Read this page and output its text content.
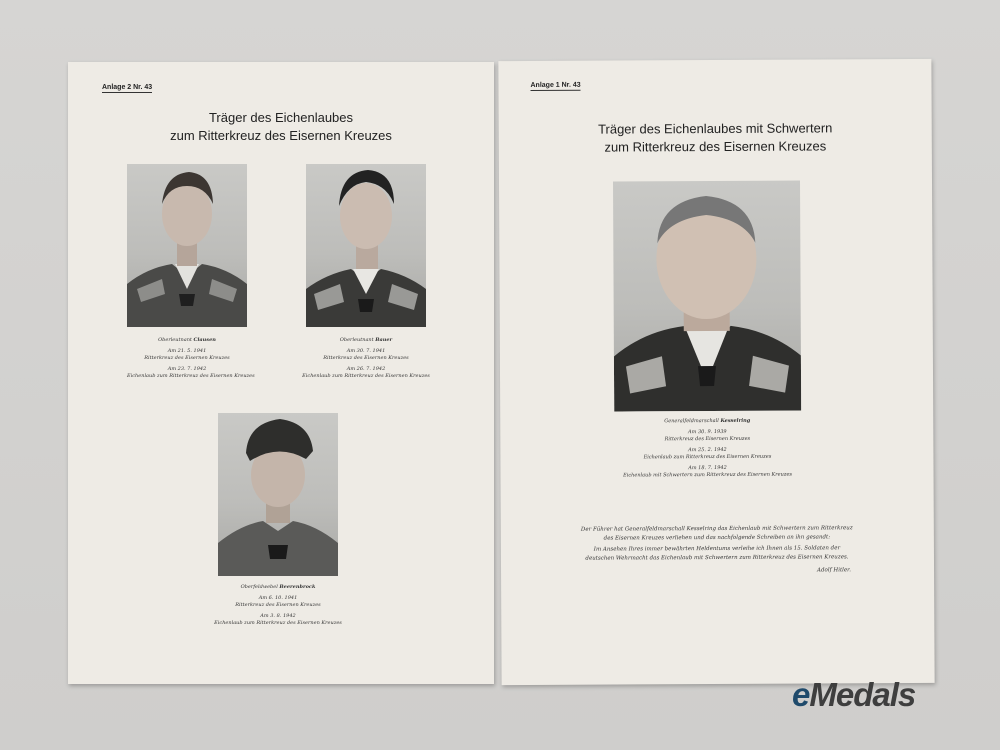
Anlage 2 Nr. 43
Träger des Eichenlaubes
zum Ritterkreuz des Eisernen Kreuzes
Oberleutnant Clausen
Am 21. 5. 1941
Ritterkreuz des Eisernen Kreuzes
Am 23. 7. 1942
Eichenlaub zum Ritterkreuz des Eisernen Kreuzes
Oberleutnant Bauer
Am 30. 7. 1941
Ritterkreuz des Eisernen Kreuzes
Am 26. 7. 1942
Eichenlaub zum Ritterkreuz des Eisernen Kreuzes
Oberfeldwebel Beerenbrock
Am 6. 10. 1941
Ritterkreuz des Eisernen Kreuzes
Am 3. 8. 1942
Eichenlaub zum Ritterkreuz des Eisernen Kreuzes
Anlage 1 Nr. 43
Träger des Eichenlaubes mit Schwertern
zum Ritterkreuz des Eisernen Kreuzes
Generalfeldmarschall Kesselring
Am 30. 9. 1939
Ritterkreuz des Eisernen Kreuzes
Am 25. 2. 1942
Eichenlaub zum Ritterkreuz des Eisernen Kreuzes
Am 18. 7. 1942
Eichenlaub mit Schwertern zum Ritterkreuz des Eisernen Kreuzes
Der Führer hat Generalfeldmarschall Kesselring das Eichenlaub mit Schwertern zum Ritterkreuz
des Eisernen Kreuzes verliehen und das nachfolgende Schreiben an ihn gesandt:
Im Ansehen Ihres immer bewährten Heldentums verleihe ich Ihnen als 15. Soldaten der
deutschen Wehrmacht das Eichenlaub mit Schwertern zum Ritterkreuz des Eisernen Kreuzes.
Adolf Hitler.
eMedals
